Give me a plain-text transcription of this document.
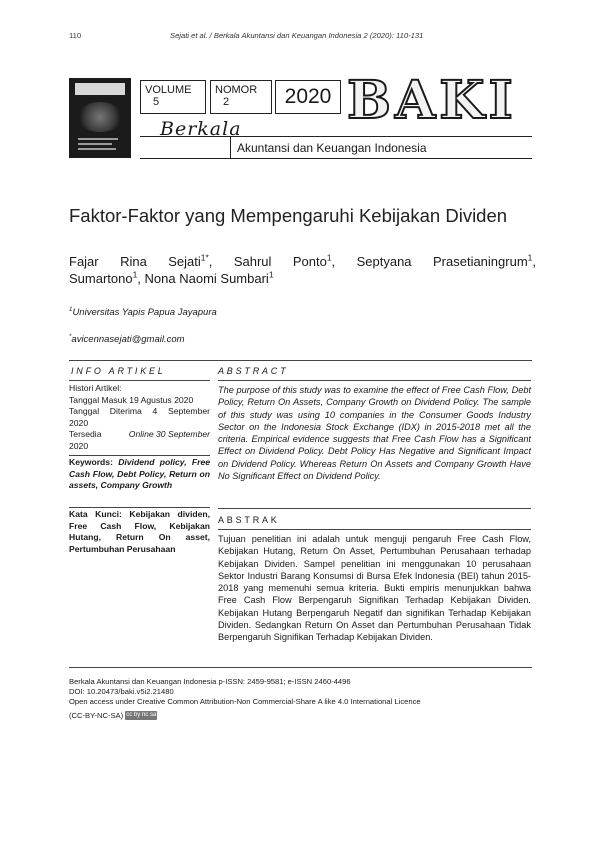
110	Sejati et al. / Berkala Akuntansi dan Keuangan Indonesia 2 (2020): 110-131
VOLUME
5
NOMOR
2	2020 BAKI
Berkala
Akuntansi dan Keuangan Indonesia
Faktor-Faktor yang Mempengaruhi Kebijakan Dividen
Fajar Rina Sejati$^{1*}$, Sahrul Ponto$^1$, Septyana Prasetianingrum$^1$,
Sumartono$^1$, Nona Naomi Sumbari$^1$
$^1$Universitas Yapis Papua Jayapura
*avicennasejati@gmail.com
INFO ARTIKEL	ABSTRACT
Histori Artikel:
Tanggal Masuk 19 Agustus 2020
Tanggal Diterima 4 September
2020
Tersedia	Online 30 September
2020
Keywords: Dividend policy, Free Cash Flow, Debt Policy, Return on assets, Company Growth
Kata Kunci: Kebijakan dividen, Free Cash Flow, Kebijakan Hutang, Return On asset, Pertumbuhan Perusahaan
The purpose of this study was to examine the effect of Free Cash Flow, Debt Policy, Return On Assets, Company Growth on Dividend Policy. The sample of this study was using 10 companies in the Consumer Goods Industry Sector on the Indonesia Stock Exchange (IDX) in 2015-2018 met all the criteria. Empirical evidence suggests that Free Cash Flow has a Significant Effect on Dividend Policy. Debt Policy Has Negative and Significant Impact on Dividend Policy. Whereas Return On Assets and Company Growth Have No Significant Effect on Dividend Policy.
ABSTRAK
Tujuan penelitian ini adalah untuk menguji pengaruh Free Cash Flow, Kebijakan Hutang, Return On Asset, Pertumbuhan Perusahaan terhadap Kebijakan Dividen. Sampel penelitian ini menggunakan 10 perusahaan Sektor Industri Barang Konsumsi di Bursa Efek Indonesia (BEI) tahun 2015-2018 yang memenuhi semua kriteria. Bukti empiris menunjukkan bahwa Free Cash Flow Berpengaruh Signifikan Terhadap Kebijakan Dividen. Kebijakan Hutang Berpengaruh Negatif dan signifikan Terhadap Kebijakan Dividen. Sedangkan Return On Asset dan Pertumbuhan Perusahaan Tidak Berpengaruh Signifikan Terhadap Kebijakan Dividen.
Berkala Akuntansi dan Keuangan Indonesia p-ISSN: 2459-9581; e-ISSN 2460-4496
DOI: 10.20473/baki.v5i2.21480
Open access under Creative Common Attribution-Non Commercial-Share A like 4.0 International Licence
(CC-BY-NC-SA) cc by nc sa
